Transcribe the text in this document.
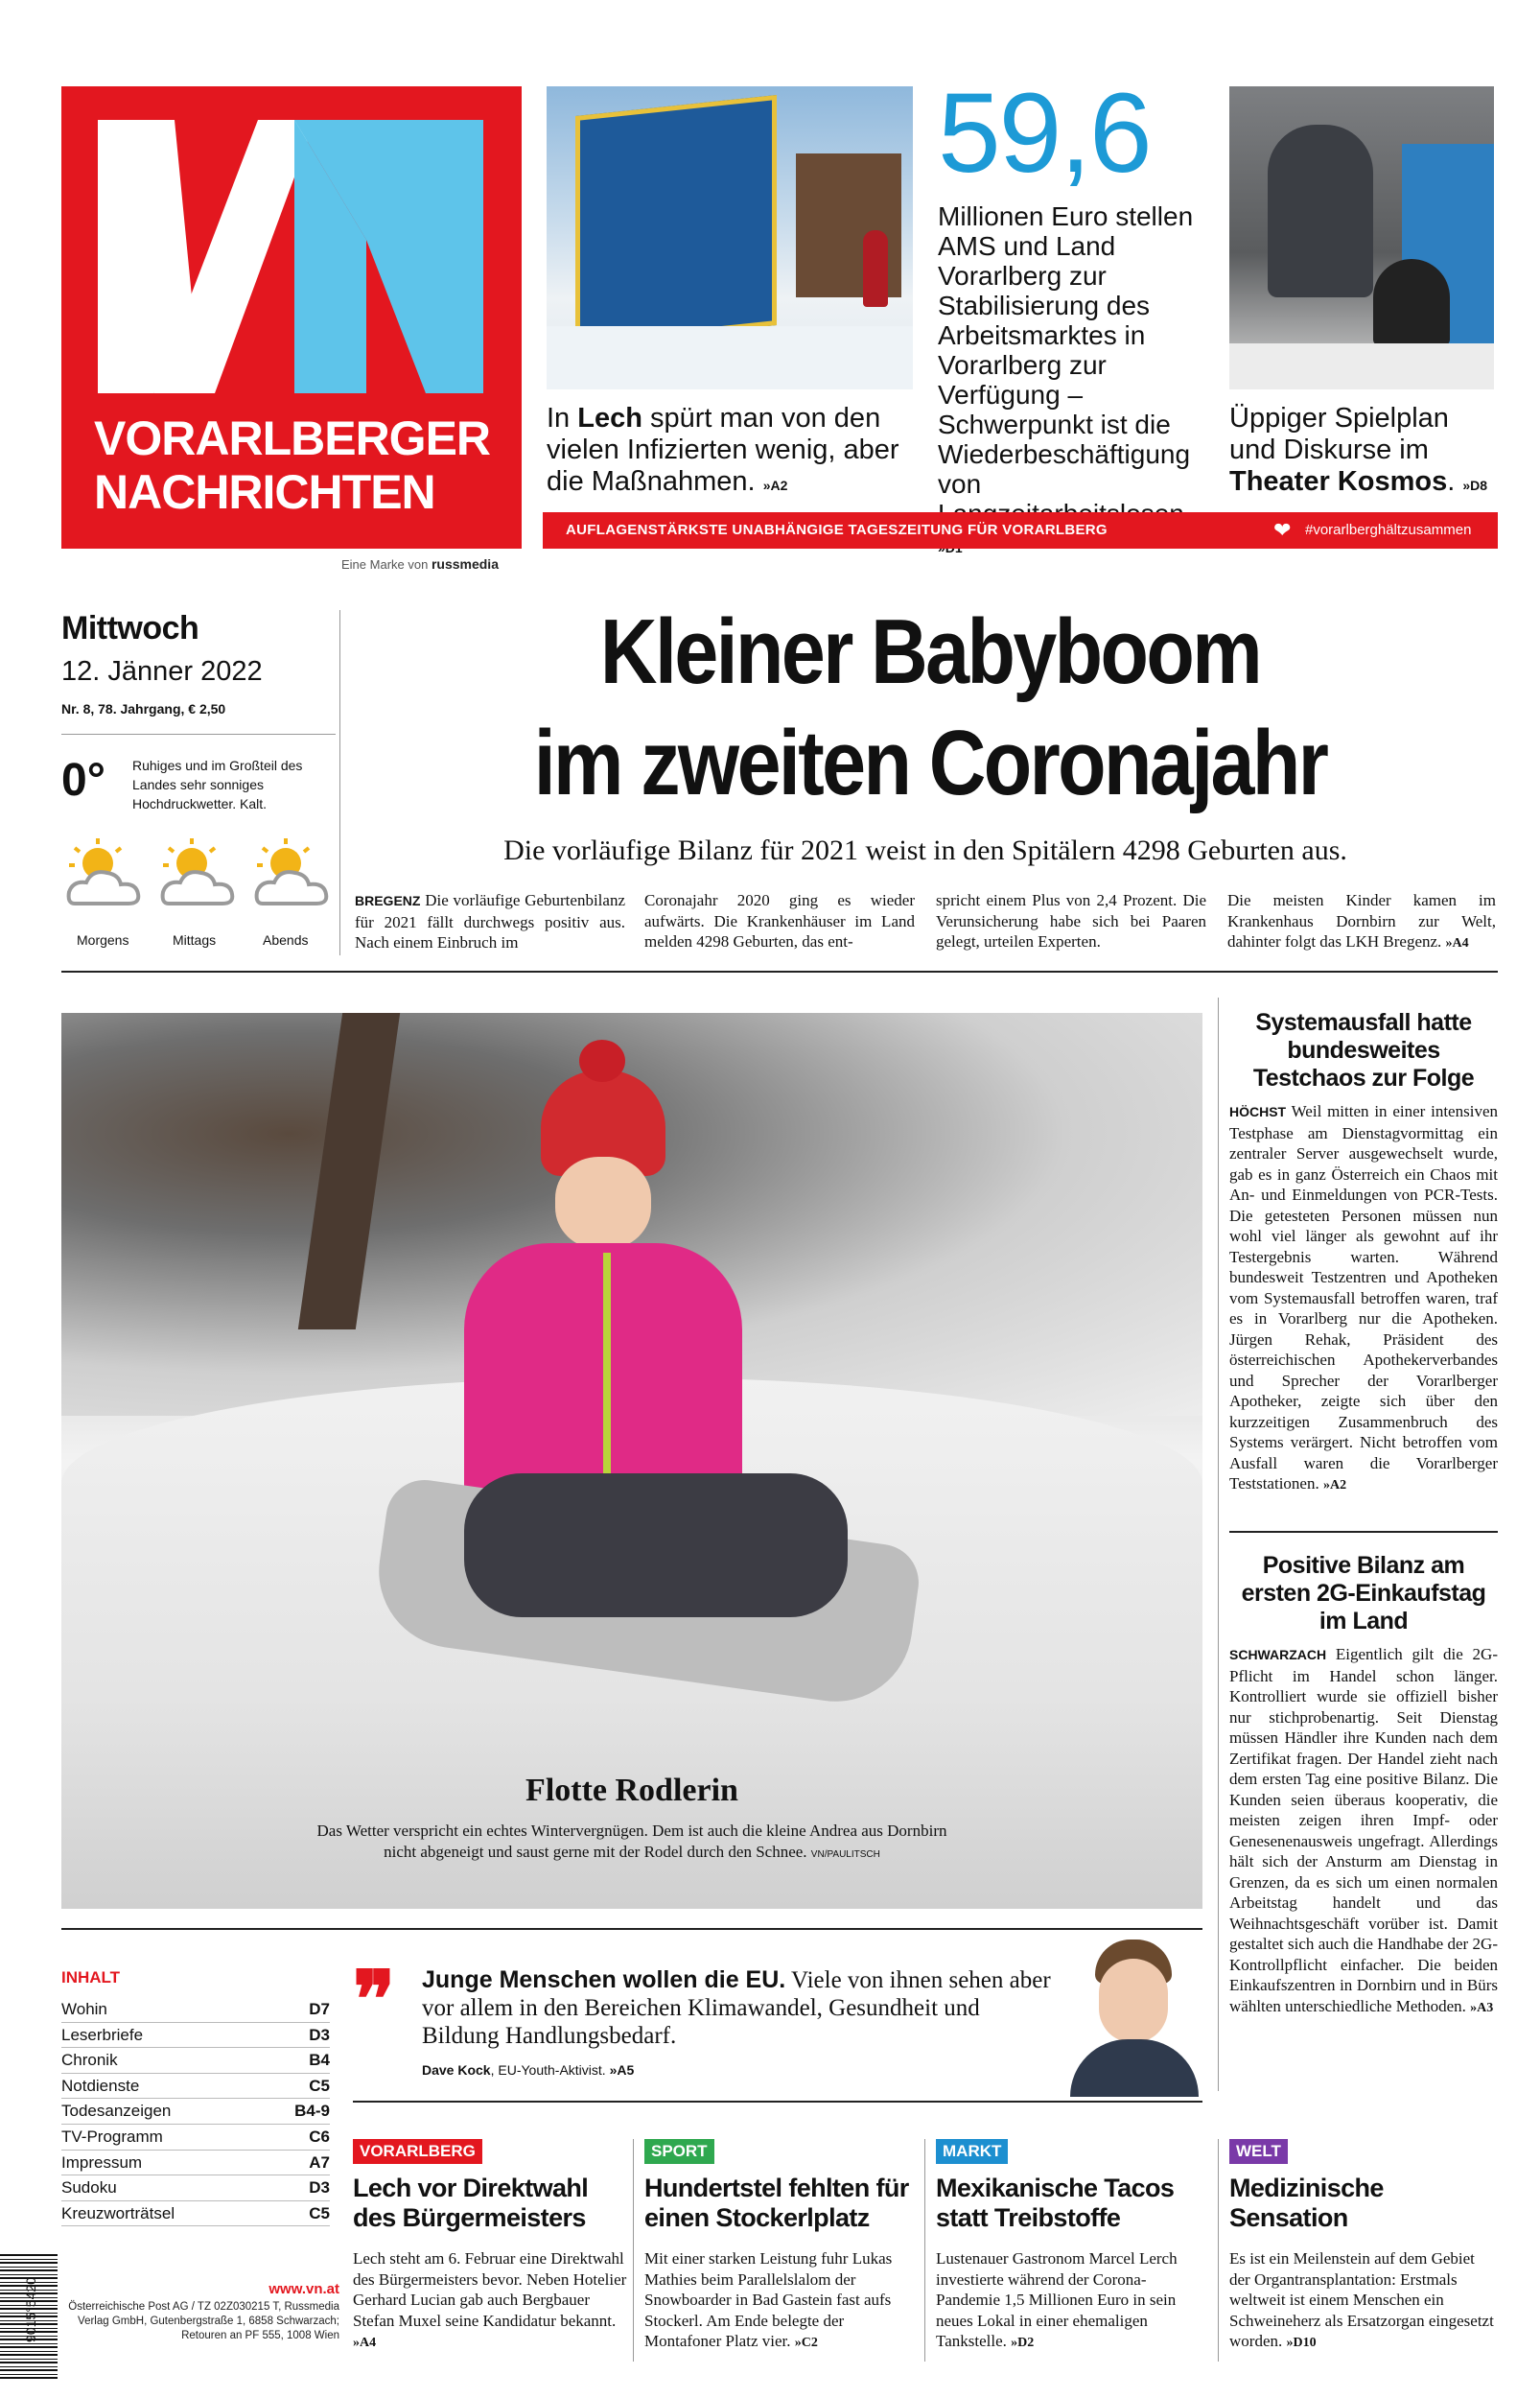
VORARLBERGER
NACHRICHTEN
Eine Marke von russmedia
In Lech spürt man von den vielen Infizierten wenig, aber die Maßnahmen. »A2
59,6
Millionen Euro stellen AMS und Land Vorarlberg zur Stabilisierung des Arbeitsmarktes in Vorarlberg zur Verfügung – Schwerpunkt ist die Wiederbeschäftigung von
Üppiger Spielplan und Diskurse im Theater Kosmos. »D8
AUFLAGENSTÄRKSTE UNABHÄNGIGE TAGESZEITUNG FÜR VORARLBERG	❤ #vorarlberghältzusammen
Mittwoch
12. Jänner 2022
Nr. 8, 78. Jahrgang, € 2,50
0° Ruhiges und im Großteil des Landes sehr sonniges Hochdruckwetter. Kalt.
Morgens	Mittags	Abends
Kleiner Babyboom
im zweiten Coronajahr
Die vorläufige Bilanz für 2021 weist in den Spitälern 4298 Geburten aus.
BREGENZ Die vorläufige Geburtenbilanz für 2021 fällt durchwegs positiv aus. Nach einem Einbruch im
Coronajahr 2020 ging es wieder aufwärts. Die Krankenhäuser im Land melden 4298 Geburten, das ent-
spricht einem Plus von 2,4 Prozent. Die Verunsicherung habe sich bei Paaren gelegt, urteilen Experten.
Die meisten Kinder kamen im Krankenhaus Dornbirn zur Welt, dahinter folgt das LKH Bregenz. »A4
Flotte Rodlerin
Das Wetter verspricht ein echtes Wintervergnügen. Dem ist auch die kleine Andrea aus Dornbirn nicht abgeneigt und saust gerne mit der Rodel durch den Schnee. VN/PAULITSCH
Systemausfall hatte bundesweites Testchaos zur Folge
HÖCHST Weil mitten in einer intensiven Testphase am Dienstagvormittag ein zentraler Server ausgewechselt wurde, gab es in ganz Österreich ein Chaos mit An- und Einmeldungen von PCR-Tests. Die getesteten Personen müssen nun wohl viel länger als gewohnt auf ihr Testergebnis warten. Während bundesweit Testzentren und Apotheken vom Systemausfall betroffen waren, traf es in Vorarlberg nur die Apotheken. Jürgen Rehak, Präsident des österreichischen Apothekerverbandes und Sprecher der Vorarlberger Apotheker, zeigte sich über den kurzzeitigen Zusammenbruch des Systems verärgert. Nicht betroffen vom Ausfall waren die Vorarlberger Teststationen. »A2
Positive Bilanz am ersten 2G-Einkaufstag im Land
SCHWARZACH Eigentlich gilt die 2G-Pflicht im Handel schon länger. Kontrolliert wurde sie offiziell bisher nur stichprobenartig. Seit Dienstag müssen Händler ihre Kunden nach dem Zertifikat fragen. Der Handel zieht nach dem ersten Tag eine positive Bilanz. Die Kunden seien überaus kooperativ, die meisten zeigen ihren Impf- oder Genesenenausweis ungefragt. Allerdings hält sich der Ansturm am Dienstag in Grenzen, da es sich um einen normalen Arbeitstag handelt und das Weihnachtsgeschäft vorüber ist. Damit gestaltet sich auch die Handhabe der 2G-Kontrollpflicht einfacher. Die beiden Einkaufszentren in Dornbirn und in Bürs wählten unterschiedliche Methoden. »A3
INHALT
Wohin	D7
Leserbriefe	D3
Chronik	B4
Notdienste	C5
Todesanzeigen	B4-9
TV-Programm	C6
Impressum	A7
Sudoku	D3
Kreuzworträtsel	C5
❞ Junge Menschen wollen die EU. Viele von ihnen sehen aber vor allem in den Bereichen Klimawandel, Gesundheit und Bildung Handlungsbedarf.
Dave Kock, EU-Youth-Aktivist. »A5
VORARLBERG
Lech vor Direktwahl des Bürgermeisters
Lech steht am 6. Februar eine Direktwahl des Bürgermeisters bevor. Neben Hotelier Gerhard Lucian gab auch Bergbauer Stefan Muxel seine Kandidatur bekannt. »A4
SPORT
Hundertstel fehlten für einen Stockerlplatz
Mit einer starken Leistung fuhr Lukas Mathies beim Parallelslalom der Snowboarder in Bad Gastein fast aufs Stockerl. Am Ende belegte der Montafoner Platz vier. »C2
MARKT
Mexikanische Tacos statt Treibstoffe
Lustenauer Gastronom Marcel Lerch investierte während der Corona-Pandemie 1,5 Millionen Euro in sein neues Lokal in einer ehemaligen Tankstelle. »D2
WELT
Medizinische Sensation
Es ist ein Meilenstein auf dem Gebiet der Organtransplantation: Erstmals weltweit ist einem Menschen ein Schweineherz als Ersatzorgan eingesetzt worden. »D10
9015°5420	www.vn.at
Österreichische Post AG / TZ 02Z030215 T, Russmedia Verlag GmbH, Gutenbergstraße 1, 6858 Schwarzach; Retouren an PF 555, 1008 Wien
